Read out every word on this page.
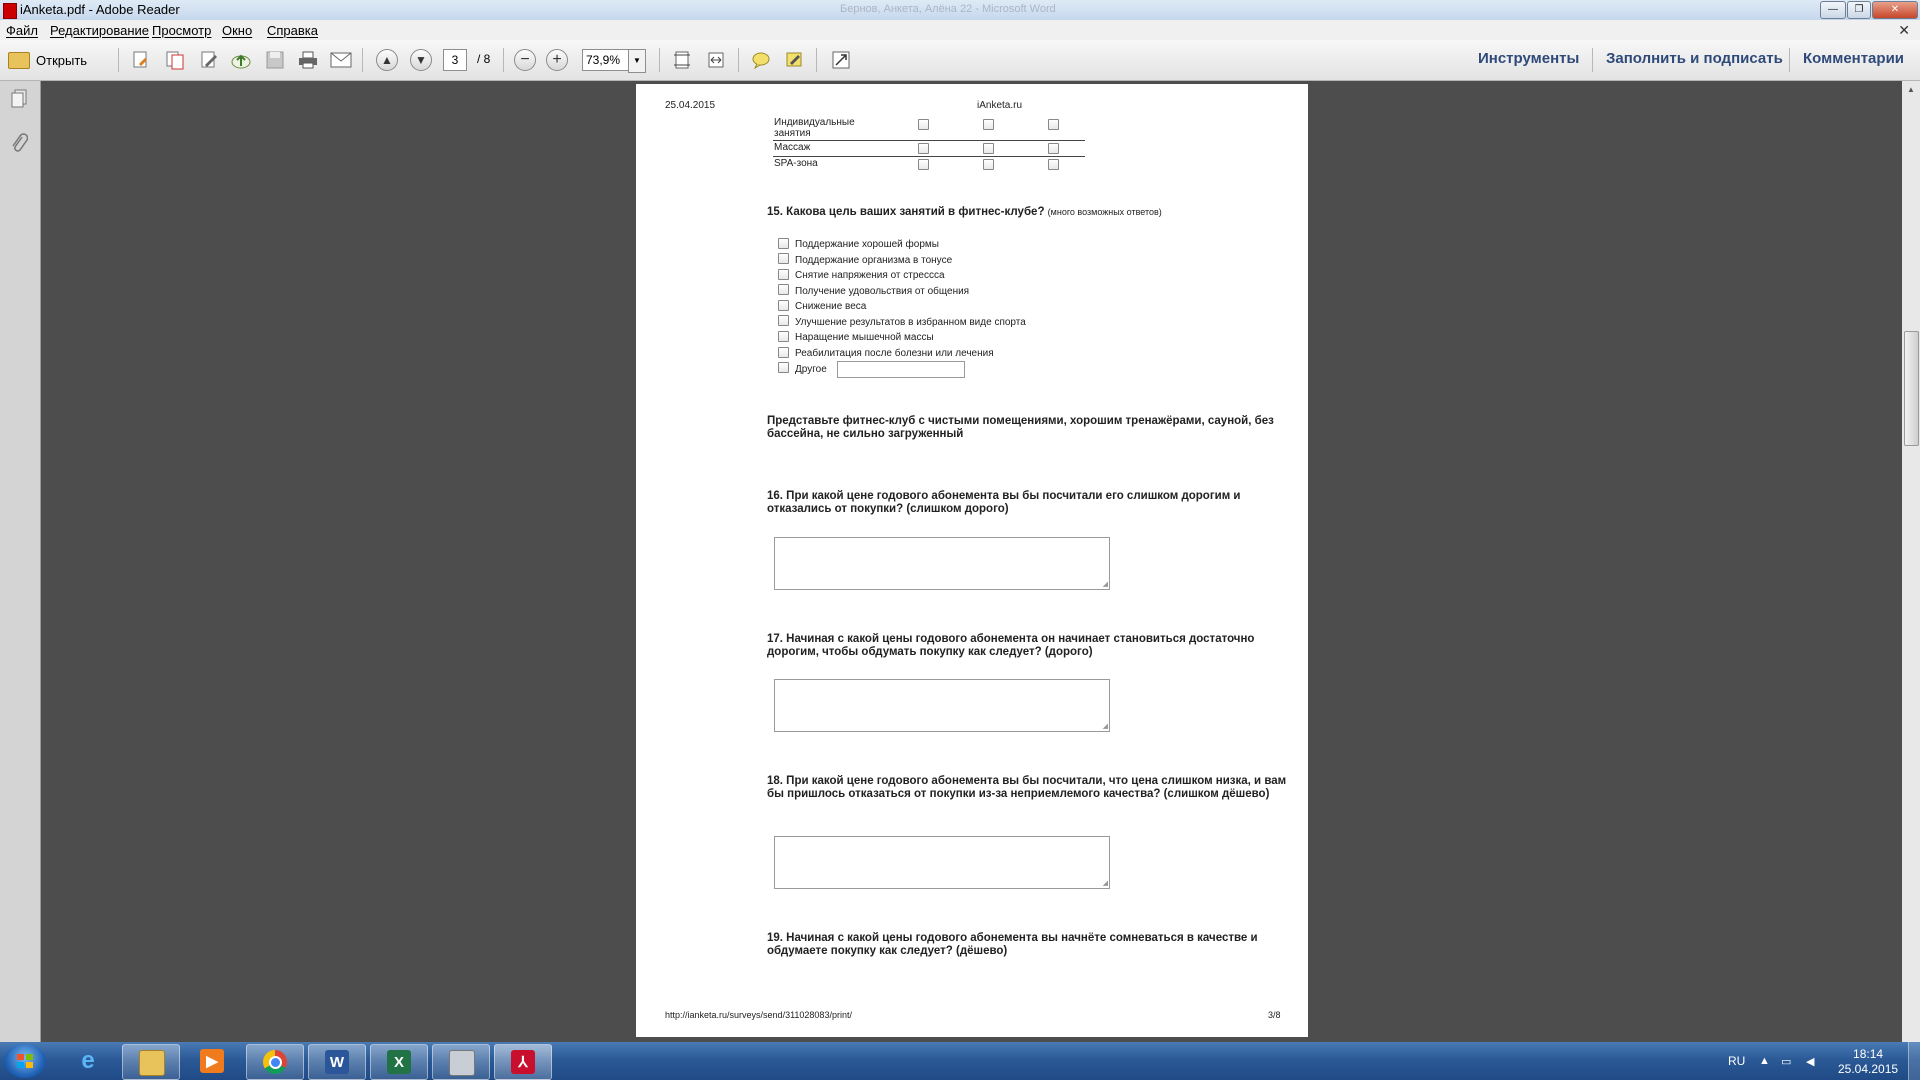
iAnketa.pdf - Adobe Reader	Бернов, Анкета, Алёна 22 - Microsoft Word	—	❐	✕
Файл Редактирование Просмотр Окно Справка	✕
Открыть	▲	▼	3	/ 8	−	+	73,9%	▼	Инструменты Заполнить и подписать Комментарии
▲
25.04.2015	iAnketa.ru
Индивидуальные занятия
Массаж
SPA-зона
15. Какова цель ваших занятий в фитнес-клубе? (много возможных ответов)
Поддержание хорошей формы
Поддержание организма в тонусе
Снятие напряжения от стрессса
Получение удовольствия от общения
Снижение веса
Улучшение результатов в избранном виде спорта
Наращение мышечной массы
Реабилитация после болезни или лечения
Другое
Представьте фитнес-клуб с чистыми помещениями, хорошим тренажёрами, сауной, без бассейна, не сильно загруженный
16. При какой цене годового абонемента вы бы посчитали его слишком дорогим и отказались от покупки? (слишком дорого)
◢
17. Начиная с какой цены годового абонемента он начинает становиться достаточно дорогим, чтобы обдумать покупку как следует? (дорого)
◢
18. При какой цене годового абонемента вы бы посчитали, что цена слишком низка, и вам бы пришлось отказаться от покупки из-за неприемлемого качества? (слишком дёшево)
◢
19. Начиная с какой цены годового абонемента вы начнёте сомневаться в качестве и обдумаете покупку как следует? (дёшево)
http://ianketa.ru/surveys/send/311028083/print/	3/8
e	▶	W	X	⅄	RU ▲ ▭ ◀
18:14
25.04.2015
